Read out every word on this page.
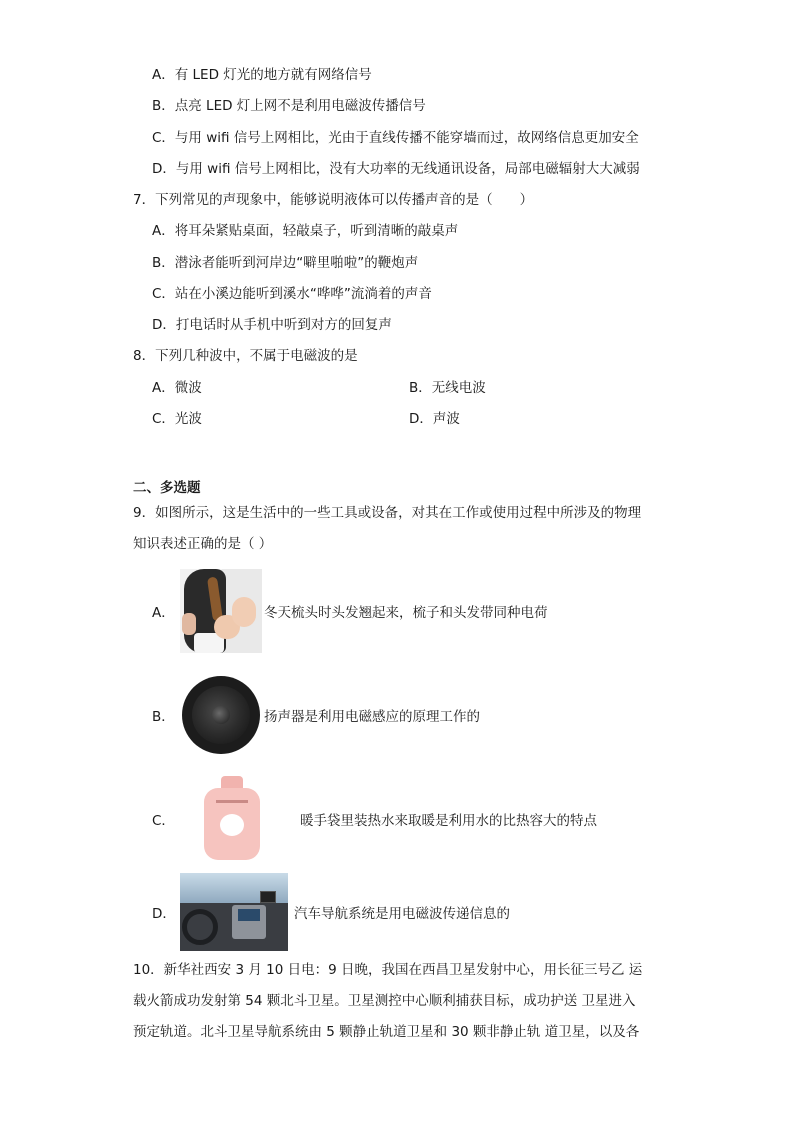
A．有 LED 灯光的地方就有网络信号
B．点亮 LED 灯上网不是利用电磁波传播信号
C．与用 wifi 信号上网相比，光由于直线传播不能穿墙而过，故网络信息更加安全
D．与用 wifi 信号上网相比，没有大功率的无线通讯设备，局部电磁辐射大大减弱
7．下列常见的声现象中，能够说明液体可以传播声音的是（　　）
A．将耳朵紧贴桌面，轻敲桌子，听到清晰的敲桌声
B．潜泳者能听到河岸边“噼里啪啦”的鞭炮声
C．站在小溪边能听到溪水“哗哗”流淌着的声音
D．打电话时从手机中听到对方的回复声
8．下列几种波中，不属于电磁波的是
A．微波	B．无线电波
C．光波	D．声波
二、多选题
9．如图所示，这是生活中的一些工具或设备，对其在工作或使用过程中所涉及的物理
知识表述正确的是（ ）
A．	冬天梳头时头发翘起来，梳子和头发带同种电荷
B．	扬声器是利用电磁感应的原理工作的
C．	暖手袋里装热水来取暖是利用水的比热容大的特点
D．	汽车导航系统是用电磁波传递信息的
10．新华社西安 3 月 10 日电：9 日晚，我国在西昌卫星发射中心，用长征三号乙 运
载火箭成功发射第 54 颗北斗卫星。卫星测控中心顺利捕获目标，成功护送 卫星进入
预定轨道。北斗卫星导航系统由 5 颗静止轨道卫星和 30 颗非静止轨 道卫星，以及各
